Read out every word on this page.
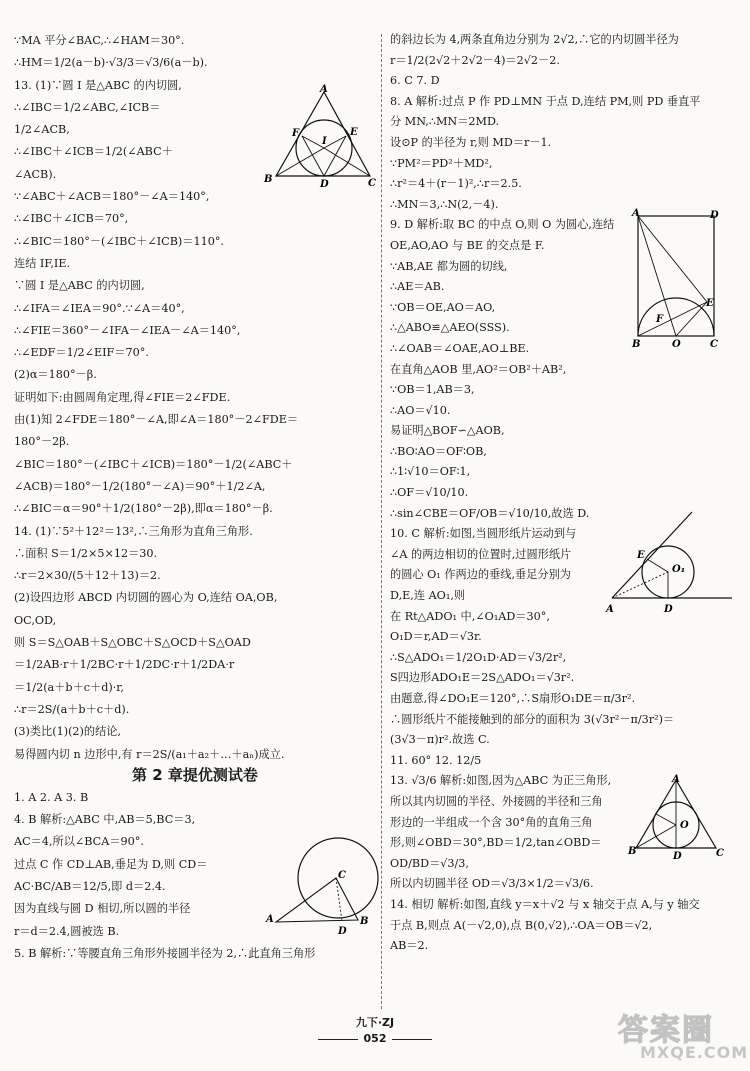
∵MA 平分∠BAC,∴∠HAM＝30°.
∴HM＝1/2(a－b)·√3/3＝√3/6(a－b).
13. (1)∵圆 I 是△ABC 的内切圆,
∴∠IBC＝1/2∠ABC,∠ICB＝
1/2∠ACB,
∴∠IBC＋∠ICB＝1/2(∠ABC＋
∠ACB).
∵∠ABC＋∠ACB＝180°－∠A＝140°,
∴∠IBC＋∠ICB＝70°,
∴∠BIC＝180°－(∠IBC＋∠ICB)＝110°.
连结 IF,IE.
∵圆 I 是△ABC 的内切圆,
∴∠IFA＝∠IEA＝90°.∵∠A＝40°,
∴∠FIE＝360°－∠IFA－∠IEA－∠A＝140°,
∴∠EDF＝1/2∠EIF＝70°.
(2)α＝180°－β.
证明如下:由圆周角定理,得∠FIE＝2∠FDE.
由(1)知 2∠FDE＝180°－∠A,即∠A＝180°－2∠FDE＝
180°－2β.
∠BIC＝180°－(∠IBC＋∠ICB)＝180°－1/2(∠ABC＋
∠ACB)＝180°－1/2(180°－∠A)＝90°＋1/2∠A,
∴∠BIC＝α＝90°＋1/2(180°－2β),即α＝180°－β.
14. (1)∵5²＋12²＝13²,∴三角形为直角三角形.
∴面积 S＝1/2×5×12＝30.
∴r＝2×30/(5＋12＋13)＝2.
(2)设四边形 ABCD 内切圆的圆心为 O,连结 OA,OB,
OC,OD,
则 S＝S△OAB＋S△OBC＋S△OCD＋S△OAD
＝1/2AB·r＋1/2BC·r＋1/2DC·r＋1/2DA·r
＝1/2(a＋b＋c＋d)·r,
∴r＝2S/(a＋b＋c＋d).
(3)类比(1)(2)的结论,
易得圆内切 n 边形中,有 r＝2S/(a₁＋a₂＋…＋aₙ)成立.
第 2 章提优测试卷
1. A 2. A 3. B
4. B 解析:△ABC 中,AB＝5,BC＝3,
AC＝4,所以∠BCA＝90°.
过点 C 作 CD⊥AB,垂足为 D,则 CD＝
AC·BC/AB＝12/5,即 d＝2.4.
因为直线与圆 D 相切,所以圆的半径
r＝d＝2.4,圆被选 B.
5. B 解析:∵等腰直角三角形外接圆半径为 2,∴此直角三角形
的斜边长为 4,两条直角边分别为 2√2,∴它的内切圆半径为
r＝1/2(2√2＋2√2－4)＝2√2－2.
6. C 7. D
8. A 解析:过点 P 作 PD⊥MN 于点 D,连结 PM,则 PD 垂直平
分 MN,∴MN＝2MD.
设⊙P 的半径为 r,则 MD＝r－1.
∵PM²＝PD²＋MD²,
∴r²＝4＋(r－1)²,∴r＝2.5.
∴MN＝3,∴N(2,－4).
9. D 解析:取 BC 的中点 O,则 O 为圆心,连结
OE,AO,AO 与 BE 的交点是 F.
∵AB,AE 都为圆的切线,
∴AE＝AB.
∵OB＝OE,AO＝AO,
∴△ABO≌△AEO(SSS).
∴∠OAB＝∠OAE,AO⊥BE.
在直角△AOB 里,AO²＝OB²＋AB²,
∵OB＝1,AB＝3,
∴AO＝√10.
易证明△BOF∽△AOB,
∴BO∶AO＝OF∶OB,
∴1∶√10＝OF∶1,
∴OF＝√10/10.
∴sin∠CBE＝OF/OB＝√10/10,故选 D.
10. C 解析:如图,当圆形纸片运动到与
∠A 的两边相切的位置时,过圆形纸片
的圆心 O₁ 作两边的垂线,垂足分别为
D,E,连 AO₁,则
在 Rt△ADO₁ 中,∠O₁AD＝30°,
O₁D＝r,AD＝√3r.
∴S△ADO₁＝1/2O₁D·AD＝√3/2r²,
S四边形ADO₁E＝2S△ADO₁＝√3r².
由题意,得∠DO₁E＝120°,∴S扇形O₁DE＝π/3r².
∴圆形纸片不能接触到的部分的面积为 3(√3r²－π/3r²)＝
(3√3－π)r².故选 C.
11. 60° 12. 12/5
13. √3/6 解析:如图,因为△ABC 为正三角形,
所以其内切圆的半径、外接圆的半径和三角
形边的一半组成一个含 30°角的直角三角
形,则∠OBD＝30°,BD＝1/2,tan∠OBD＝
OD/BD＝√3/3,
所以内切圆半径 OD＝√3/3×1/2＝√3/6.
14. 相切 解析:如图,直线 y＝x＋√2 与 x 轴交于点 A,与 y 轴交
于点 B,则点 A(－√2,0),点 B(0,√2),∴OA＝OB＝√2,
AB＝2.
A
B	C
D
E
F
I
A	D
B	O	C
E
F
A	B
C
D
A	D
E
O₁
A
B	C
D
O
九下·ZJ
052	答案圈
MXQE.COM
